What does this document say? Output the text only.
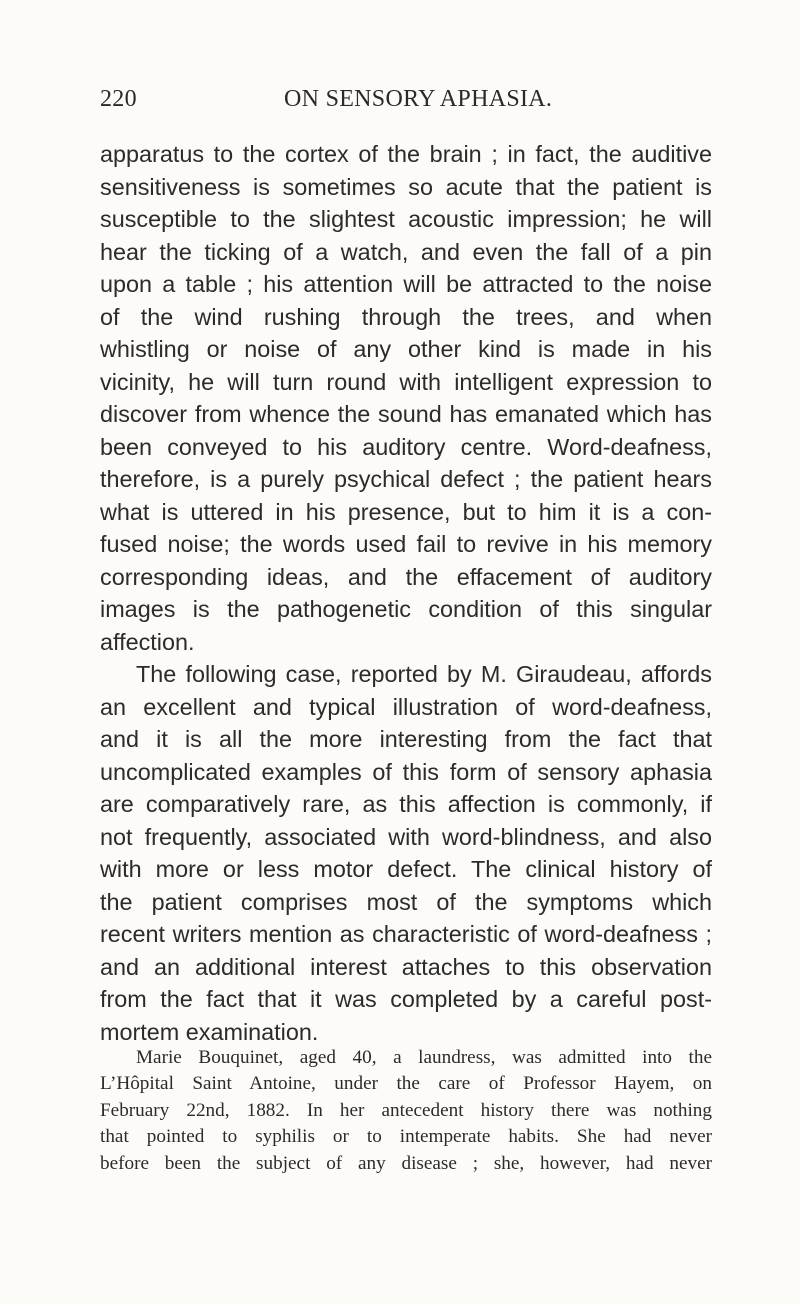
220	ON SENSORY APHASIA.
apparatus to the cortex of the brain ; in fact, the auditive
sensitiveness is sometimes so acute that the patient is
susceptible to the slightest acoustic impression; he will
hear the ticking of a watch, and even the fall of a pin
upon a table ; his attention will be attracted to the noise
of the wind rushing through the trees, and when
whistling or noise of any other kind is made in his
vicinity, he will turn round with intelligent expression to
discover from whence the sound has emanated which has
been conveyed to his auditory centre. Word-deafness,
therefore, is a purely psychical defect ; the patient hears
what is uttered in his presence, but to him it is a con-
fused noise; the words used fail to revive in his memory
corresponding ideas, and the effacement of auditory
images is the pathogenetic condition of this singular
affection.
The following case, reported by M. Giraudeau, affords
an excellent and typical illustration of word-deafness,
and it is all the more interesting from the fact that
uncomplicated examples of this form of sensory aphasia
are comparatively rare, as this affection is commonly, if
not frequently, associated with word-blindness, and also
with more or less motor defect. The clinical history of
the patient comprises most of the symptoms which
recent writers mention as characteristic of word-deafness ;
and an additional interest attaches to this observation
from the fact that it was completed by a careful post-
mortem examination.
Marie Bouquinet, aged 40, a laundress, was admitted into the
L’Hôpital Saint Antoine, under the care of Professor Hayem, on
February 22nd, 1882. In her antecedent history there was nothing
that pointed to syphilis or to intemperate habits. She had never
before been the subject of any disease ; she, however, had never
